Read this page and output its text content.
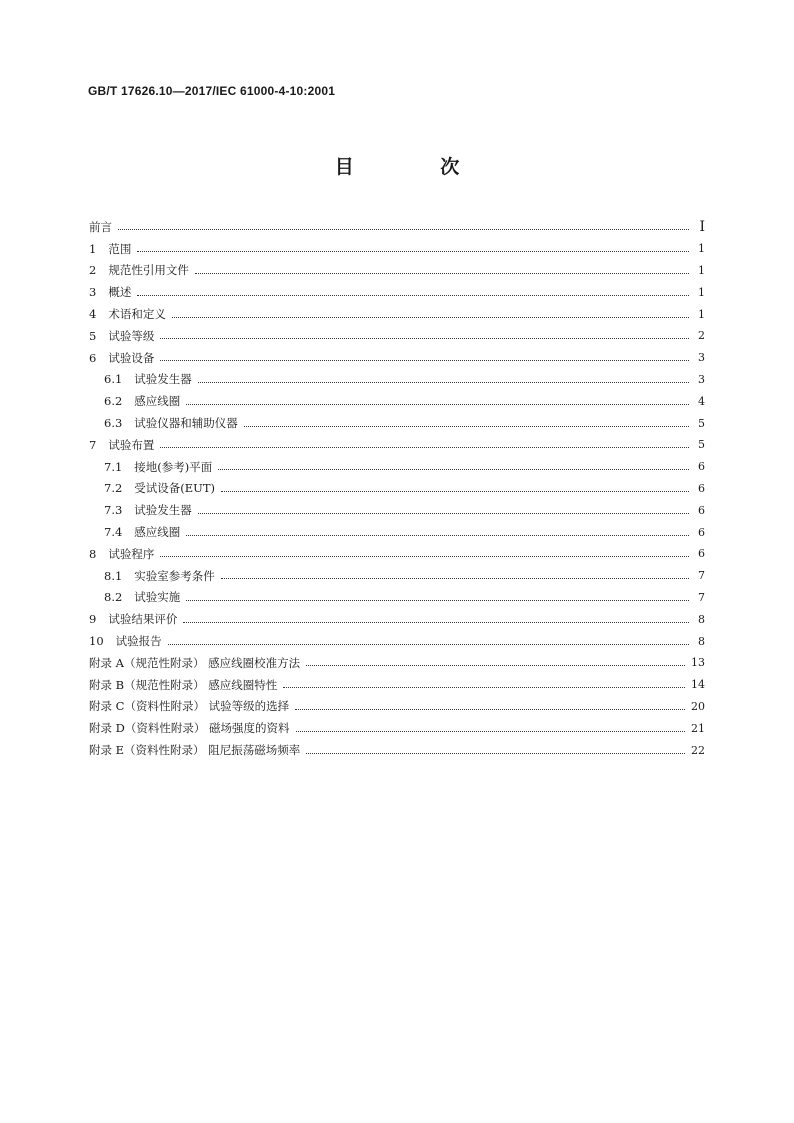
GB/T 17626.10—2017/IEC 61000-4-10:2001
目 次
前言	Ⅰ
1 范围	1
2 规范性引用文件	1
3 概述	1
4 术语和定义	1
5 试验等级	2
6 试验设备	3
6.1 试验发生器	3
6.2 感应线圈	4
6.3 试验仪器和辅助仪器	5
7 试验布置	5
7.1 接地(参考)平面	6
7.2 受试设备(EUT)	6
7.3 试验发生器	6
7.4 感应线圈	6
8 试验程序	6
8.1 实验室参考条件	7
8.2 试验实施	7
9 试验结果评价	8
10 试验报告	8
附录 A（规范性附录） 感应线圈校准方法	13
附录 B（规范性附录） 感应线圈特性	14
附录 C（资料性附录） 试验等级的选择	20
附录 D（资料性附录） 磁场强度的资料	21
附录 E（资料性附录） 阻尼振荡磁场频率	22
